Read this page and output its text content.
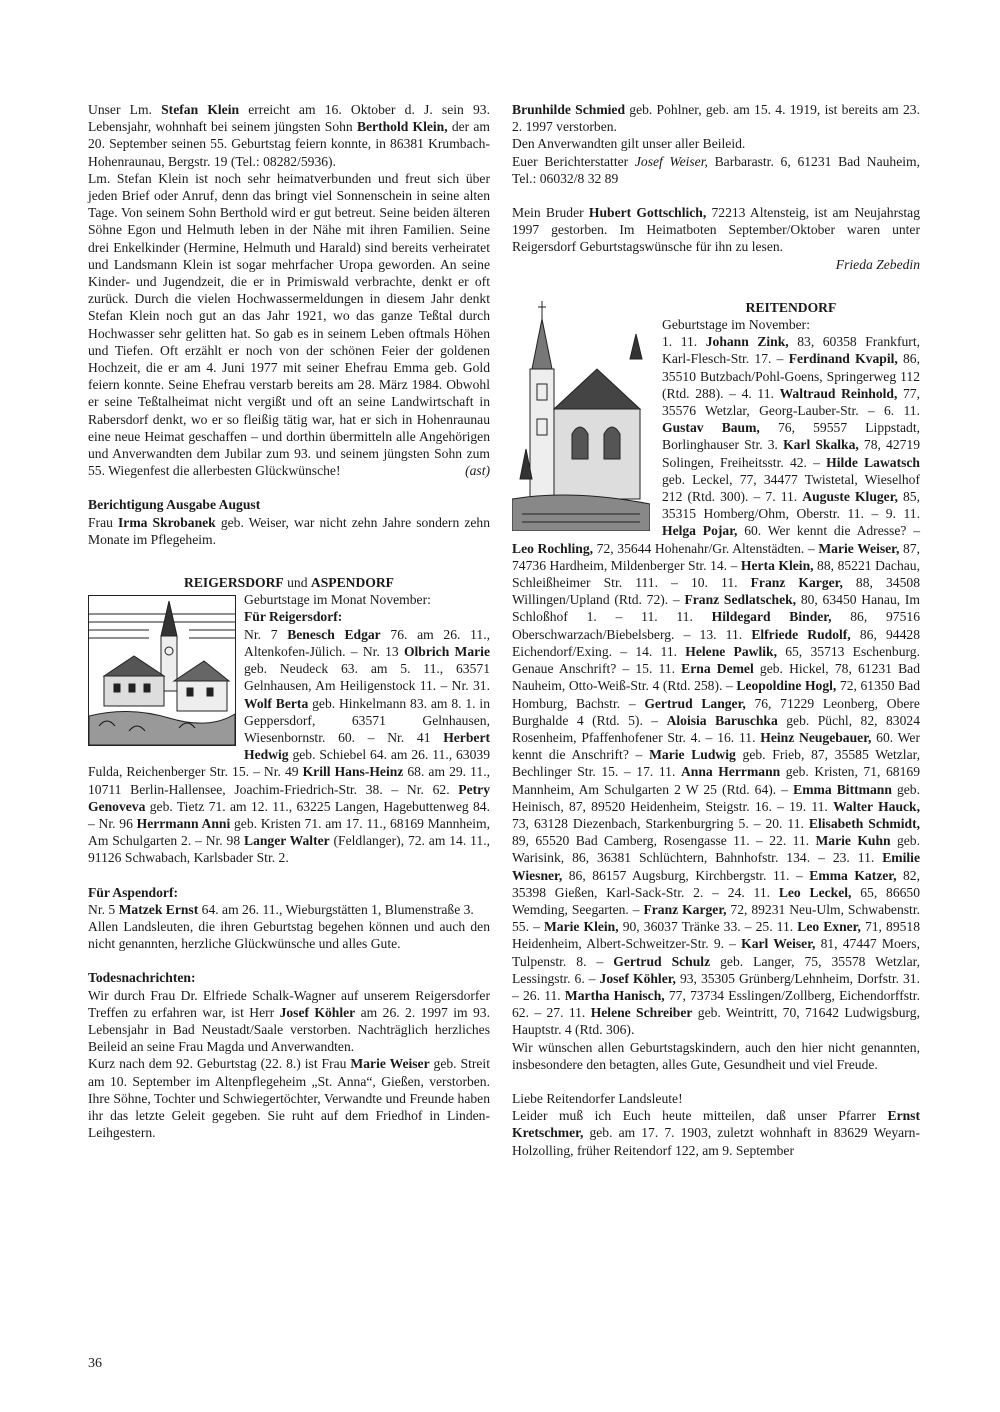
Unser Lm. Stefan Klein erreicht am 16. Oktober d. J. sein 93. Lebensjahr, wohnhaft bei seinem jüngsten Sohn Berthold Klein, der am 20. September seinen 55. Geburtstag feiern konnte, in 86381 Krumbach-Hohenraunau, Bergstr. 19 (Tel.: 08282/5936).

Lm. Stefan Klein ist noch sehr heimatverbunden und freut sich über jeden Brief oder Anruf, denn das bringt viel Sonnenschein in seine alten Tage. Von seinem Sohn Berthold wird er gut betreut. Seine beiden älteren Söhne Egon und Helmuth leben in der Nähe mit ihren Familien. Seine drei Enkelkinder (Hermine, Helmuth und Harald) sind bereits verheiratet und Landsmann Klein ist sogar mehrfacher Uropa geworden. An seine Kinder- und Jugendzeit, die er in Primiswald verbrachte, denkt er oft zurück. Durch die vielen Hochwassermeldungen in diesem Jahr denkt Stefan Klein noch gut an das Jahr 1921, wo das ganze Teßtal durch Hochwasser sehr gelitten hat. So gab es in seinem Leben oftmals Höhen und Tiefen. Oft erzählt er noch von der schönen Feier der goldenen Hochzeit, die er am 4. Juni 1977 mit seiner Ehefrau Emma geb. Gold feiern konnte. Seine Ehefrau verstarb bereits am 28. März 1984. Obwohl er seine Teßtalheimat nicht vergißt und oft an seine Landwirtschaft in Rabersdorf denkt, wo er so fleißig tätig war, hat er sich in Hohenraunau eine neue Heimat geschaffen – und dorthin übermitteln alle Angehörigen und Anverwandten dem Jubilar zum 93. und seinem jüngsten Sohn zum 55. Wiegenfest die allerbesten Glückwünsche!	(ast)

Berichtigung Ausgabe August

Frau Irma Skrobanek geb. Weiser, war nicht zehn Jahre sondern zehn Monate im Pflegeheim.

REIGERSDORF und ASPENDORF

Geburtstage im Monat November:

Für Reigersdorf:

Nr. 7 Benesch Edgar 76. am 26. 11., Altenkofen-Jülich. – Nr. 13 Olbrich Marie geb. Neudeck 63. am 5. 11., 63571 Gelnhausen, Am Heiligenstock 11. – Nr. 31. Wolf Berta geb. Hinkelmann 83. am 8. 1. in Geppersdorf, 63571 Gelnhausen, Wiesenbornstr. 60. – Nr. 41 Herbert Hedwig geb. Schiebel 64. am 26. 11., 63039 Fulda, Reichenberger Str. 15. – Nr. 49 Krill Hans-Heinz 68. am 29. 11., 10711 Berlin-Hallensee, Joachim-Friedrich-Str. 38. – Nr. 62. Petry Genoveva geb. Tietz 71. am 12. 11., 63225 Langen, Hagebuttenweg 84. – Nr. 96 Herrmann Anni geb. Kristen 71. am 17. 11., 68169 Mannheim, Am Schulgarten 2. – Nr. 98 Langer Walter (Feldlanger), 72. am 14. 11., 91126 Schwabach, Karlsbader Str. 2.

Für Aspendorf:

Nr. 5 Matzek Ernst 64. am 26. 11., Wieburgstätten 1, Blumenstraße 3.

Allen Landsleuten, die ihren Geburtstag begehen können und auch den nicht genannten, herzliche Glückwünsche und alles Gute.

Todesnachrichten:

Wir durch Frau Dr. Elfriede Schalk-Wagner auf unserem Reigersdorfer Treffen zu erfahren war, ist Herr Josef Köhler am 26. 2. 1997 im 93. Lebensjahr in Bad Neustadt/Saale verstorben. Nachträglich herzliches Beileid an seine Frau Magda und Anverwandten.

Kurz nach dem 92. Geburtstag (22. 8.) ist Frau Marie Weiser geb. Streit am 10. September im Altenpflegeheim „St. Anna“, Gießen, verstorben. Ihre Söhne, Tochter und Schwiegertöchter, Verwandte und Freunde haben ihr das letzte Geleit gegeben. Sie ruht auf dem Friedhof in Linden-Leihgestern.

Brunhilde Schmied geb. Pohlner, geb. am 15. 4. 1919, ist bereits am 23. 2. 1997 verstorben.

Den Anverwandten gilt unser aller Beileid.

Euer Berichterstatter Josef Weiser, Barbarastr. 6, 61231 Bad Nauheim, Tel.: 06032/8 32 89

Mein Bruder Hubert Gottschlich, 72213 Altensteig, ist am Neujahrstag 1997 gestorben. Im Heimatboten September/Oktober waren unter Reigersdorf Geburtstagswünsche für ihn zu lesen.

Frieda Zebedin

REITENDORF

Geburtstage im November:

1. 11. Johann Zink, 83, 60358 Frankfurt, Karl-Flesch-Str. 17. – Ferdinand Kvapil, 86, 35510 Butzbach/Pohl-Goens, Springerweg 112 (Rtd. 288). – 4. 11. Waltraud Reinhold, 77, 35576 Wetzlar, Georg-Lauber-Str. – 6. 11. Gustav Baum, 76, 59557 Lippstadt, Borlinghauser Str. 3. Karl Skalka, 78, 42719 Solingen, Freiheitsstr. 42. – Hilde Lawatsch geb. Leckel, 77, 34477 Twistetal, Wieselhof 212 (Rtd. 300). – 7. 11. Auguste Kluger, 85, 35315 Homberg/Ohm, Oberstr. 11. – 9. 11. Helga Pojar, 60. Wer kennt die Adresse? – Leo Rochling, 72, 35644 Hohenahr/Gr. Altenstädten. – Marie Weiser, 87, 74736 Hardheim, Mildenberger Str. 14. – Herta Klein, 88, 85221 Dachau, Schleißheimer Str. 111. – 10. 11. Franz Karger, 88, 34508 Willingen/Upland (Rtd. 72). – Franz Sedlatschek, 80, 63450 Hanau, Im Schloßhof 1. – 11. 11. Hildegard Binder, 86, 97516 Oberschwarzach/Biebelsberg. – 13. 11. Elfriede Rudolf, 86, 94428 Eichendorf/Exing. – 14. 11. Helene Pawlik, 65, 35713 Eschenburg. Genaue Anschrift? – 15. 11. Erna Demel geb. Hickel, 78, 61231 Bad Nauheim, Otto-Weiß-Str. 4 (Rtd. 258). – Leopoldine Hogl, 72, 61350 Bad Homburg, Bachstr. – Gertrud Langer, 76, 71229 Leonberg, Obere Burghalde 4 (Rtd. 5). – Aloisia Baruschka geb. Püchl, 82, 83024 Rosenheim, Pfaffenhofener Str. 4. – 16. 11. Heinz Neugebauer, 60. Wer kennt die Anschrift? – Marie Ludwig geb. Frieb, 87, 35585 Wetzlar, Bechlinger Str. 15. – 17. 11. Anna Herrmann geb. Kristen, 71, 68169 Mannheim, Am Schulgarten 2 W 25 (Rtd. 64). – Emma Bittmann geb. Heinisch, 87, 89520 Heidenheim, Steigstr. 16. – 19. 11. Walter Hauck, 73, 63128 Diezenbach, Starkenburgring 5. – 20. 11. Elisabeth Schmidt, 89, 65520 Bad Camberg, Rosengasse 11. – 22. 11. Marie Kuhn geb. Warisink, 86, 36381 Schlüchtern, Bahnhofstr. 134. – 23. 11. Emilie Wiesner, 86, 86157 Augsburg, Kirchbergstr. 11. – Emma Katzer, 82, 35398 Gießen, Karl-Sack-Str. 2. – 24. 11. Leo Leckel, 65, 86650 Wemding, Seegarten. – Franz Karger, 72, 89231 Neu-Ulm, Schwabenstr. 55. – Marie Klein, 90, 36037 Tränke 33. – 25. 11. Leo Exner, 71, 89518 Heidenheim, Albert-Schweitzer-Str. 9. – Karl Weiser, 81, 47447 Moers, Tulpenstr. 8. – Gertrud Schulz geb. Langer, 75, 35578 Wetzlar, Lessingstr. 6. – Josef Köhler, 93, 35305 Grünberg/Lehnheim, Dorfstr. 31. – 26. 11. Martha Hanisch, 77, 73734 Esslingen/Zollberg, Eichendorffstr. 62. – 27. 11. Helene Schreiber geb. Weintritt, 70, 71642 Ludwigsburg, Hauptstr. 4 (Rtd. 306).

Wir wünschen allen Geburtstagskindern, auch den hier nicht genannten, insbesondere den betagten, alles Gute, Gesundheit und viel Freude.

Liebe Reitendorfer Landsleute!

Leider muß ich Euch heute mitteilen, daß unser Pfarrer Ernst Kretschmer, geb. am 17. 7. 1903, zuletzt wohnhaft in 83629 Weyarn-Holzolling, früher Reitendorf 122, am 9. September

36
